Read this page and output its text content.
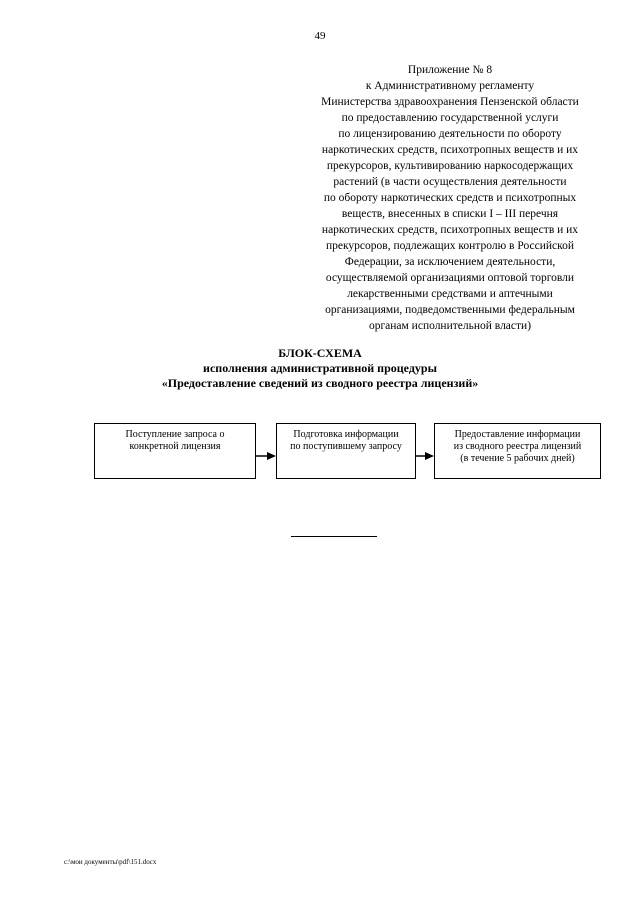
49
Приложение № 8
к Административному регламенту
Министерства здравоохранения Пензенской области
по предоставлению государственной услуги
по лицензированию деятельности по обороту
наркотических средств, психотропных веществ и их
прекурсоров, культивированию наркосодержащих
растений (в части осуществления деятельности
по обороту наркотических средств и психотропных
веществ, внесенных в списки I – III перечня
наркотических средств, психотропных веществ и их
прекурсоров, подлежащих контролю в Российской
Федерации, за исключением деятельности,
осуществляемой организациями оптовой торговли
лекарственными средствами и аптечными
организациями, подведомственными федеральным
органам исполнительной власти)
БЛОК-СХЕМА
исполнения административной процедуры
«Предоставление сведений из сводного реестра лицензий»
Поступление запроса о
конкретной лицензия
Подготовка информации
по поступившему запросу
Предоставление информации
из сводного реестра лицензий
(в течение 5 рабочих дней)
c:\мои документы\pdf\151.docx
